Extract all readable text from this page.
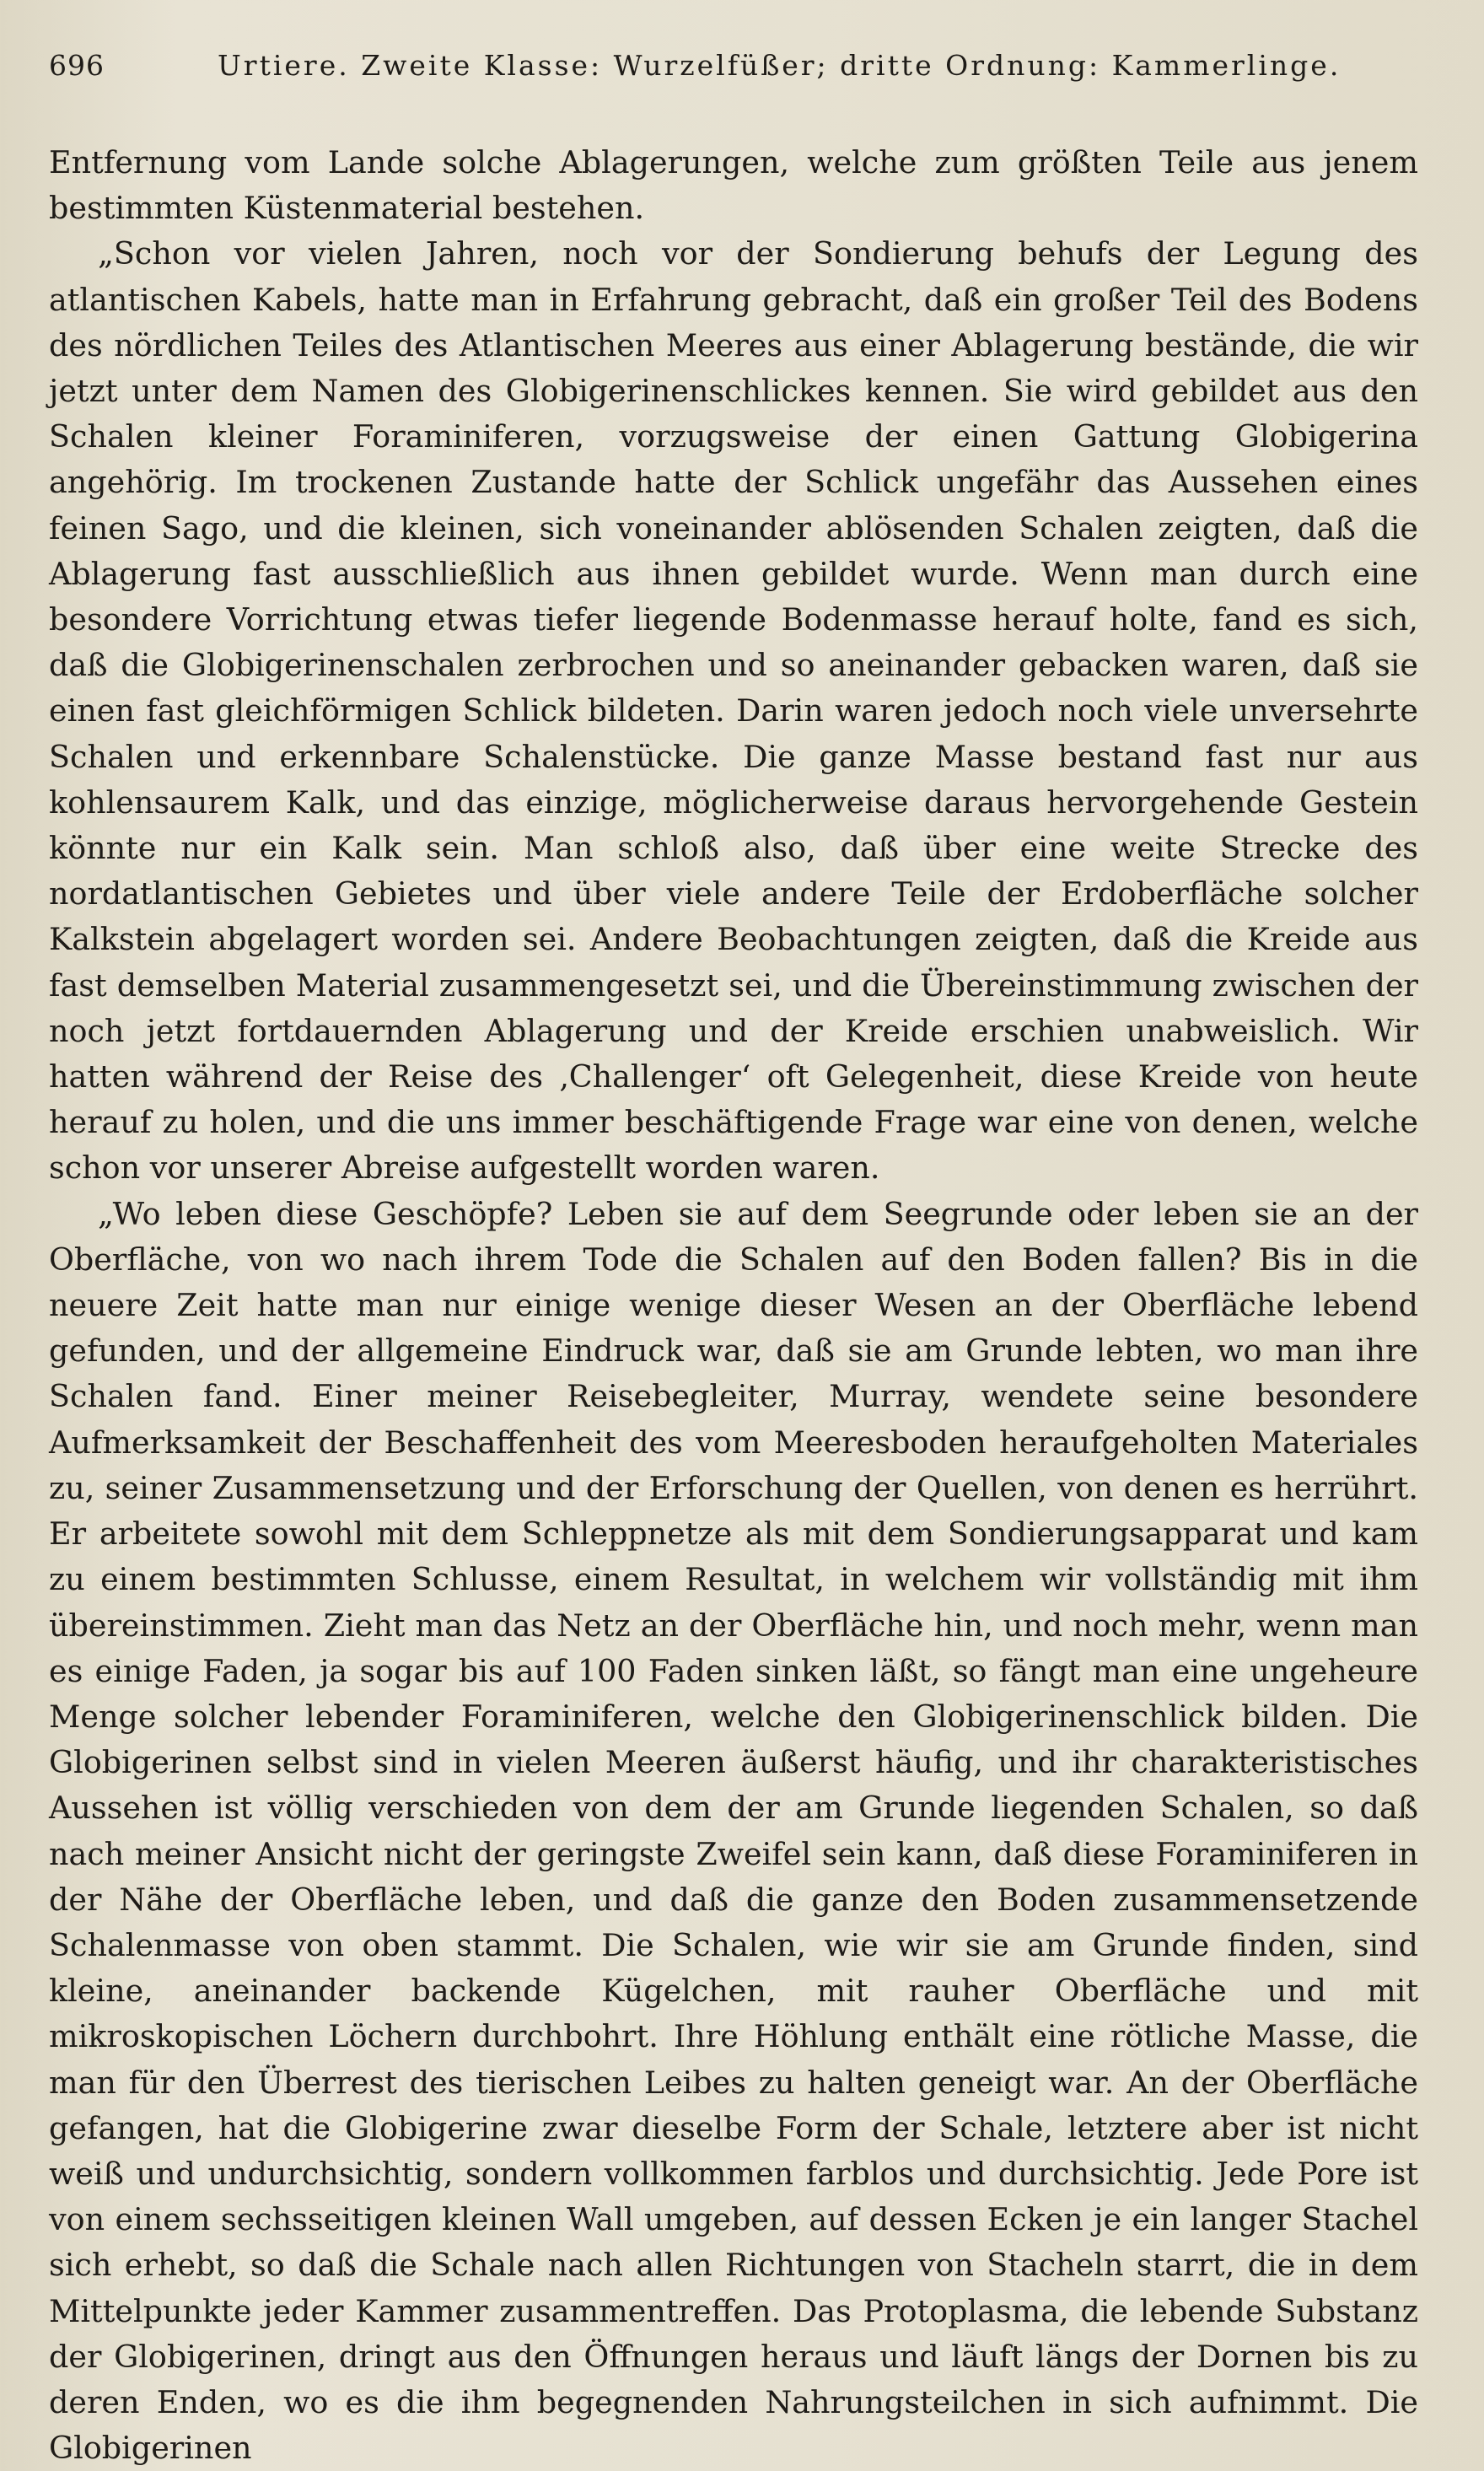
696	Urtiere. Zweite Klasse: Wurzelfüßer; dritte Ordnung: Kammerlinge.

Entfernung vom Lande solche Ablagerungen, welche zum größten Teile aus jenem bestimmten Küstenmaterial bestehen.

„Schon vor vielen Jahren, noch vor der Sondierung behufs der Legung des atlantischen Kabels, hatte man in Erfahrung gebracht, daß ein großer Teil des Bodens des nördlichen Teiles des Atlantischen Meeres aus einer Ablagerung bestände, die wir jetzt unter dem Namen des Globigerinenschlickes kennen. Sie wird gebildet aus den Schalen kleiner Foraminiferen, vorzugsweise der einen Gattung Globigerina angehörig. Im trockenen Zustande hatte der Schlick ungefähr das Aussehen eines feinen Sago, und die kleinen, sich voneinander ablösenden Schalen zeigten, daß die Ablagerung fast ausschließlich aus ihnen gebildet wurde. Wenn man durch eine besondere Vorrichtung etwas tiefer liegende Bodenmasse herauf holte, fand es sich, daß die Globigerinenschalen zerbrochen und so aneinander gebacken waren, daß sie einen fast gleichförmigen Schlick bildeten. Darin waren jedoch noch viele unversehrte Schalen und erkennbare Schalenstücke. Die ganze Masse bestand fast nur aus kohlensaurem Kalk, und das einzige, möglicherweise daraus hervorgehende Gestein könnte nur ein Kalk sein. Man schloß also, daß über eine weite Strecke des nordatlantischen Gebietes und über viele andere Teile der Erdoberfläche solcher Kalkstein abgelagert worden sei. Andere Beobachtungen zeigten, daß die Kreide aus fast demselben Material zusammengesetzt sei, und die Übereinstimmung zwischen der noch jetzt fortdauernden Ablagerung und der Kreide erschien unabweislich. Wir hatten während der Reise des ‚Challenger‘ oft Gelegenheit, diese Kreide von heute herauf zu holen, und die uns immer beschäftigende Frage war eine von denen, welche schon vor unserer Abreise aufgestellt worden waren.

„Wo leben diese Geschöpfe? Leben sie auf dem Seegrunde oder leben sie an der Oberfläche, von wo nach ihrem Tode die Schalen auf den Boden fallen? Bis in die neuere Zeit hatte man nur einige wenige dieser Wesen an der Oberfläche lebend gefunden, und der allgemeine Eindruck war, daß sie am Grunde lebten, wo man ihre Schalen fand. Einer meiner Reisebegleiter, Murray, wendete seine besondere Aufmerksamkeit der Beschaffenheit des vom Meeresboden heraufgeholten Materiales zu, seiner Zusammensetzung und der Erforschung der Quellen, von denen es herrührt. Er arbeitete sowohl mit dem Schleppnetze als mit dem Sondierungsapparat und kam zu einem bestimmten Schlusse, einem Resultat, in welchem wir vollständig mit ihm übereinstimmen. Zieht man das Netz an der Oberfläche hin, und noch mehr, wenn man es einige Faden, ja sogar bis auf 100 Faden sinken läßt, so fängt man eine ungeheure Menge solcher lebender Foraminiferen, welche den Globigerinenschlick bilden. Die Globigerinen selbst sind in vielen Meeren äußerst häufig, und ihr charakteristisches Aussehen ist völlig verschieden von dem der am Grunde liegenden Schalen, so daß nach meiner Ansicht nicht der geringste Zweifel sein kann, daß diese Foraminiferen in der Nähe der Oberfläche leben, und daß die ganze den Boden zusammensetzende Schalenmasse von oben stammt. Die Schalen, wie wir sie am Grunde finden, sind kleine, aneinander backende Kügelchen, mit rauher Oberfläche und mit mikroskopischen Löchern durchbohrt. Ihre Höhlung enthält eine rötliche Masse, die man für den Überrest des tierischen Leibes zu halten geneigt war. An der Oberfläche gefangen, hat die Globigerine zwar dieselbe Form der Schale, letztere aber ist nicht weiß und undurchsichtig, sondern vollkommen farblos und durchsichtig. Jede Pore ist von einem sechsseitigen kleinen Wall umgeben, auf dessen Ecken je ein langer Stachel sich erhebt, so daß die Schale nach allen Richtungen von Stacheln starrt, die in dem Mittelpunkte jeder Kammer zusammentreffen. Das Protoplasma, die lebende Substanz der Globigerinen, dringt aus den Öffnungen heraus und läuft längs der Dornen bis zu deren Enden, wo es die ihm begegnenden Nahrungsteilchen in sich aufnimmt. Die Globigerinen
